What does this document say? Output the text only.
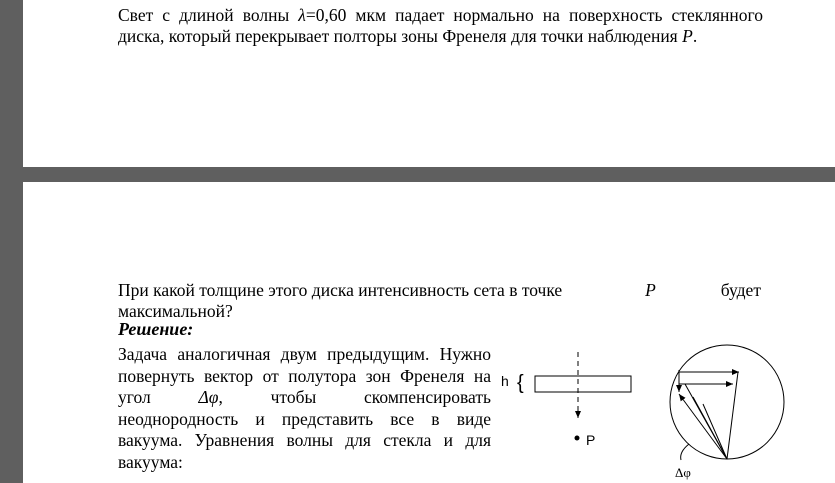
Свет с длиной волны λ=0,60 мкм падает нормально на поверхность стеклянного
диска, который перекрывает полторы зоны Френеля для точки наблюдения P.
При какой толщине этого диска интенсивность сета в точке	P	будет
максимальной?
Решение:
Задача аналогичная двум предыдущим. Нужно
повернуть вектор от полутора зон Френеля на
угол	Δφ,	чтобы	скомпенсировать
неоднородность и представить все в виде
вакуума. Уравнения волны для стекла и для
вакуума:
h {
P
Δφ
